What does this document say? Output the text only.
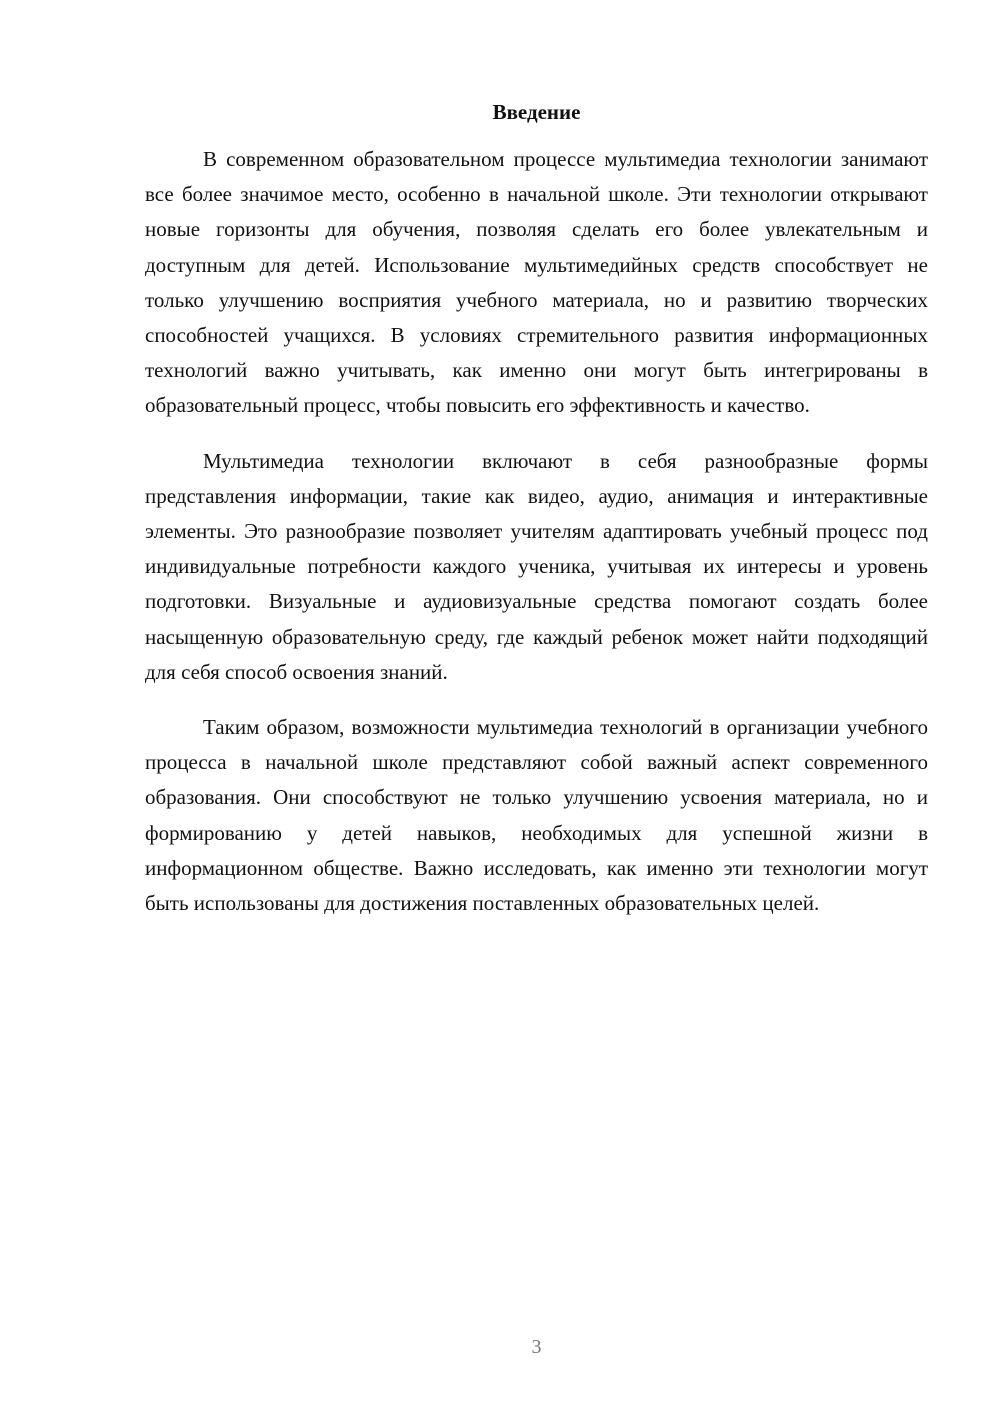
Введение

В современном образовательном процессе мультимедиа технологии занимают все более значимое место, особенно в начальной школе. Эти технологии открывают новые горизонты для обучения, позволяя сделать его более увлекательным и доступным для детей. Использование мультимедийных средств способствует не только улучшению восприятия учебного материала, но и развитию творческих способностей учащихся. В условиях стремительного развития информационных технологий важно учитывать, как именно они могут быть интегрированы в образовательный процесс, чтобы повысить его эффективность и качество.

Мультимедиа технологии включают в себя разнообразные формы представления информации, такие как видео, аудио, анимация и интерактивные элементы. Это разнообразие позволяет учителям адаптировать учебный процесс под индивидуальные потребности каждого ученика, учитывая их интересы и уровень подготовки. Визуальные и аудиовизуальные средства помогают создать более насыщенную образовательную среду, где каждый ребенок может найти подходящий для себя способ освоения знаний.

Таким образом, возможности мультимедиа технологий в организации учебного процесса в начальной школе представляют собой важный аспект современного образования. Они способствуют не только улучшению усвоения материала, но и формированию у детей навыков, необходимых для успешной жизни в информационном обществе. Важно исследовать, как именно эти технологии могут быть использованы для достижения поставленных образовательных целей.

3
